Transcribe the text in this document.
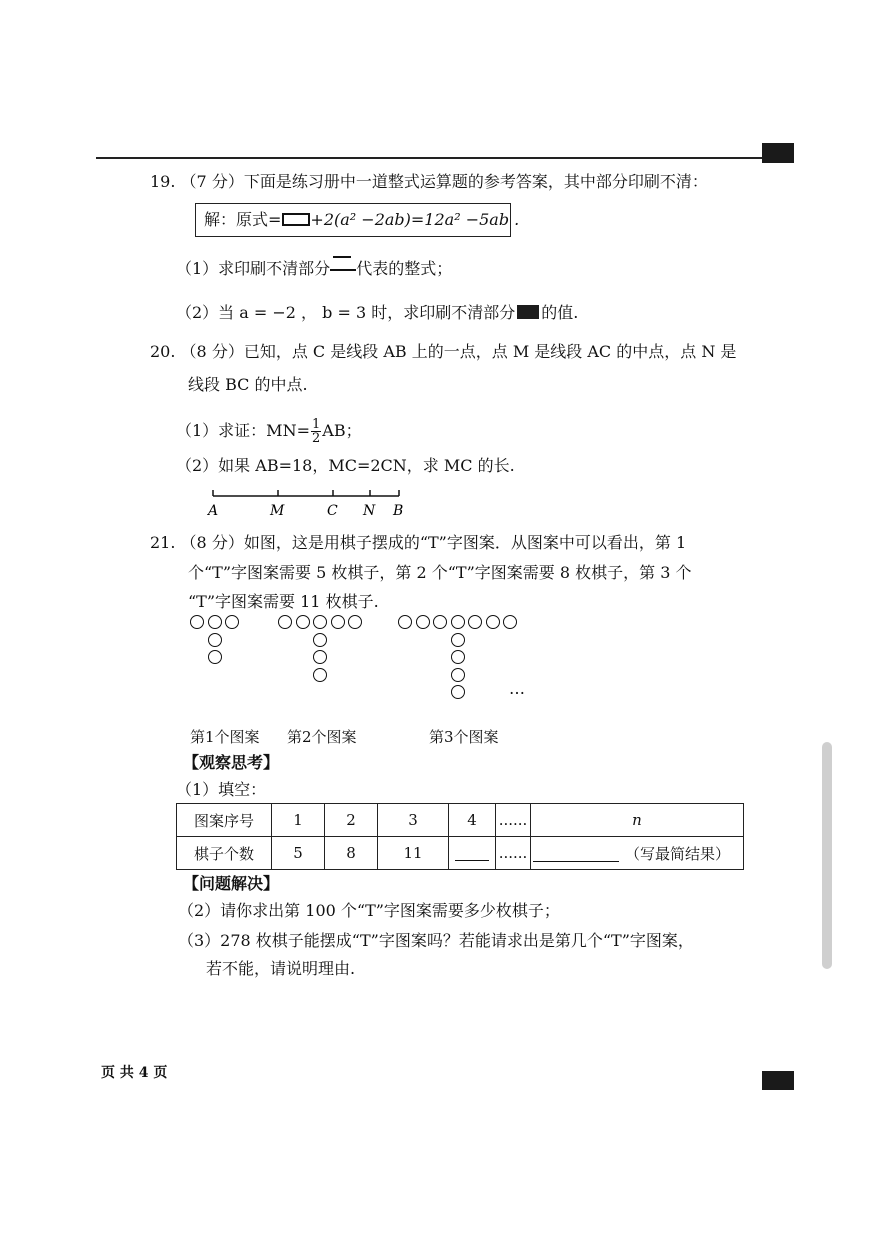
19. （7 分）下面是练习册中一道整式运算题的参考答案，其中部分印刷不清：
解：原式= +2(a² −2ab)=12a² −5ab .
（1）求印刷不清部分 代表的整式；
（2）当 a = −2 ， b = 3 时，求印刷不清部分 的值.
20. （8 分）已知，点 C 是线段 AB 上的一点，点 M 是线段 AC 的中点，点 N 是
线段 BC 的中点.
（1）求证：$MN= \frac{1}{2}$ AB；
（2）如果 AB=18，MC=2CN，求 MC 的长.
A	M	C N B
21. （8 分）如图，这是用棋子摆成的“T”字图案．从图案中可以看出，第 1
个“T”字图案需要 5 枚棋子，第 2 个“T”字图案需要 8 枚棋子，第 3 个
“T”字图案需要 11 枚棋子.
…
第1个图案 第2个图案	第3个图案
【观察思考】
（1）填空：
图案序号	1	2	3	4	......	n
棋子个数	5	8	11		......	（写最简结果）
【问题解决】
（2）请你求出第 100 个“T”字图案需要多少枚棋子；
（3）278 枚棋子能摆成“T”字图案吗？若能请求出是第几个“T”字图案，
若不能，请说明理由.
页 共 4 页
